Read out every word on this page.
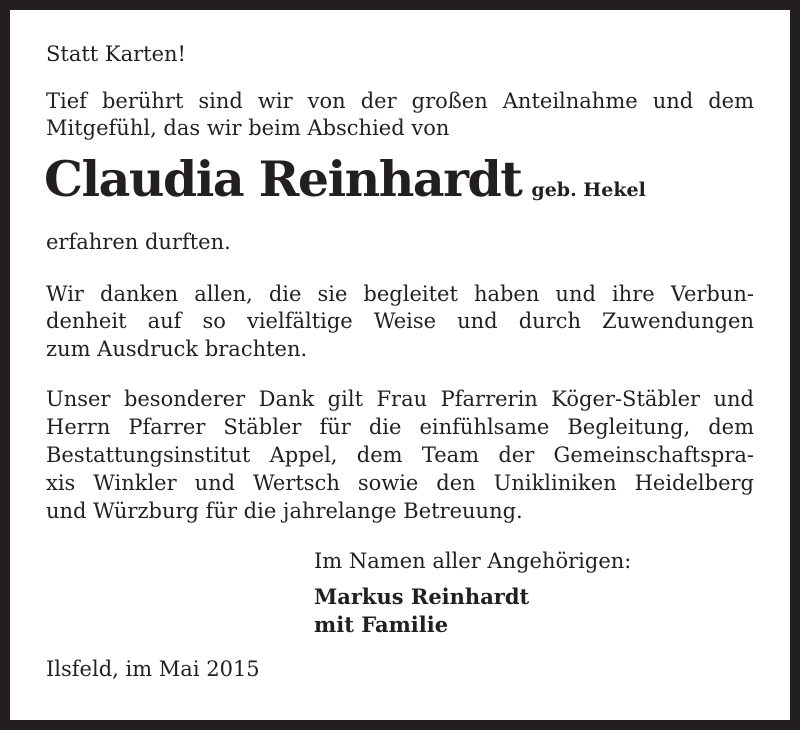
Statt Karten!
Tief berührt sind wir von der großen Anteilnahme und dem
Mitgefühl, das wir beim Abschied von
Claudia Reinhardt geb. Hekel
erfahren durften.
Wir danken allen, die sie begleitet haben und ihre Verbun-
denheit auf so vielfältige Weise und durch Zuwendungen
zum Ausdruck brachten.
Unser besonderer Dank gilt Frau Pfarrerin Köger-Stäbler und
Herrn Pfarrer Stäbler für die einfühlsame Begleitung, dem
Bestattungsinstitut Appel, dem Team der Gemeinschaftspra-
xis Winkler und Wertsch sowie den Unikliniken Heidelberg
und Würzburg für die jahrelange Betreuung.
Im Namen aller Angehörigen:
Markus Reinhardt
mit Familie
Ilsfeld, im Mai 2015
